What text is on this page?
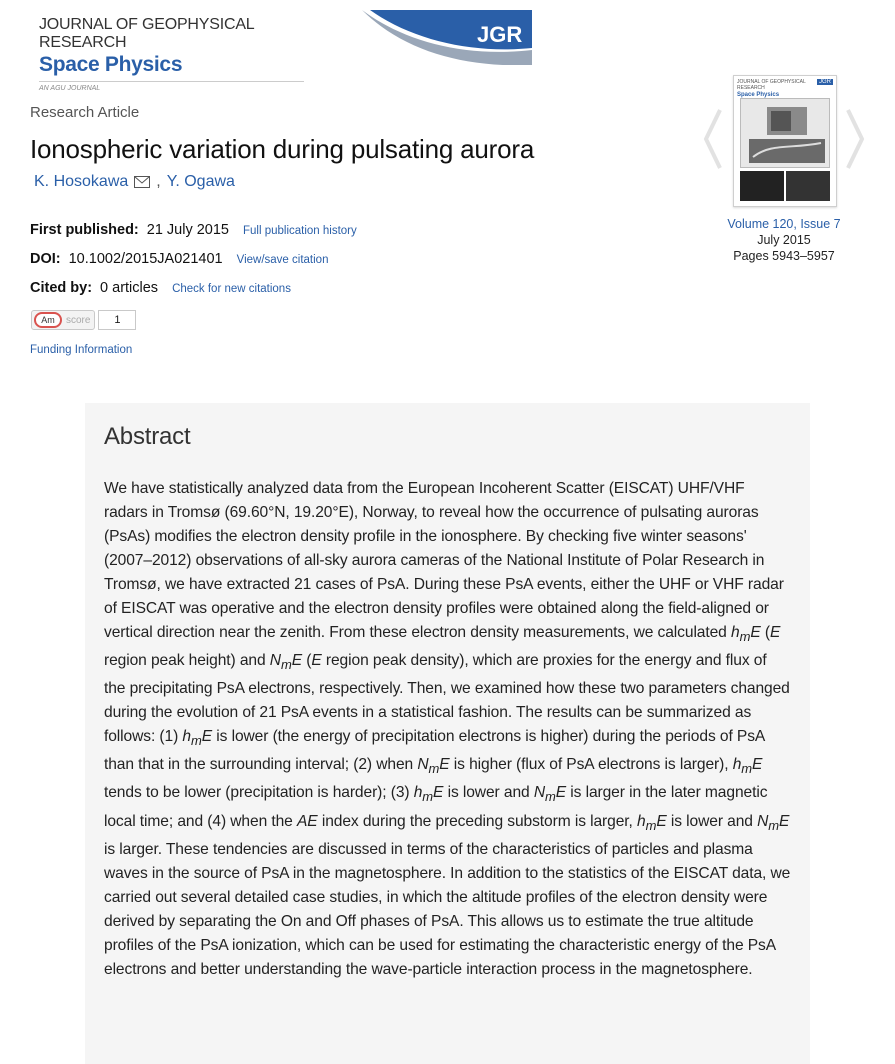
JOURNAL OF GEOPHYSICAL RESEARCH
Space Physics
AN AGU JOURNAL
JGR
Research Article
Ionospheric variation during pulsating aurora
K. Hosokawa , Y. Ogawa
First published: 21 July 2015 Full publication history
DOI: 10.1002/2015JA021401 View/save citation
Cited by: 0 articles Check for new citations
Am	score	1
Funding Information
JOURNAL OF GEOPHYSICAL RESEARCH
Space Physics
JGR
Volume 120, Issue 7
July 2015
Pages 5943–5957
Abstract

We have statistically analyzed data from the European Incoherent Scatter (EISCAT) UHF/VHF radars in Tromsø (69.60°N, 19.20°E), Norway, to reveal how the occurrence of pulsating auroras (PsAs) modifies the electron density profile in the ionosphere. By checking five winter seasons' (2007–2012) observations of all-sky aurora cameras of the National Institute of Polar Research in Tromsø, we have extracted 21 cases of PsA. During these PsA events, either the UHF or VHF radar of EISCAT was operative and the electron density profiles were obtained along the field-aligned or vertical direction near the zenith. From these electron density measurements, we calculated $h_mE$ (E region peak height) and $N_mE$ (E region peak density), which are proxies for the energy and flux of the precipitating PsA electrons, respectively. Then, we examined how these two parameters changed during the evolution of 21 PsA events in a statistical fashion. The results can be summarized as follows: (1) $h_mE$ is lower (the energy of precipitation electrons is higher) during the periods of PsA than that in the surrounding interval; (2) when $N_mE$ is higher (flux of PsA electrons is larger), $h_mE$ tends to be lower (precipitation is harder); (3) $h_mE$ is lower and $N_mE$ is larger in the later magnetic local time; and (4) when the AE index during the preceding substorm is larger, $h_mE$ is lower and $N_mE$ is larger. These tendencies are discussed in terms of the characteristics of particles and plasma waves in the source of PsA in the magnetosphere. In addition to the statistics of the EISCAT data, we carried out several detailed case studies, in which the altitude profiles of the electron density were derived by separating the On and Off phases of PsA. This allows us to estimate the true altitude profiles of the PsA ionization, which can be used for estimating the characteristic energy of the PsA electrons and better understanding the wave-particle interaction process in the magnetosphere.
